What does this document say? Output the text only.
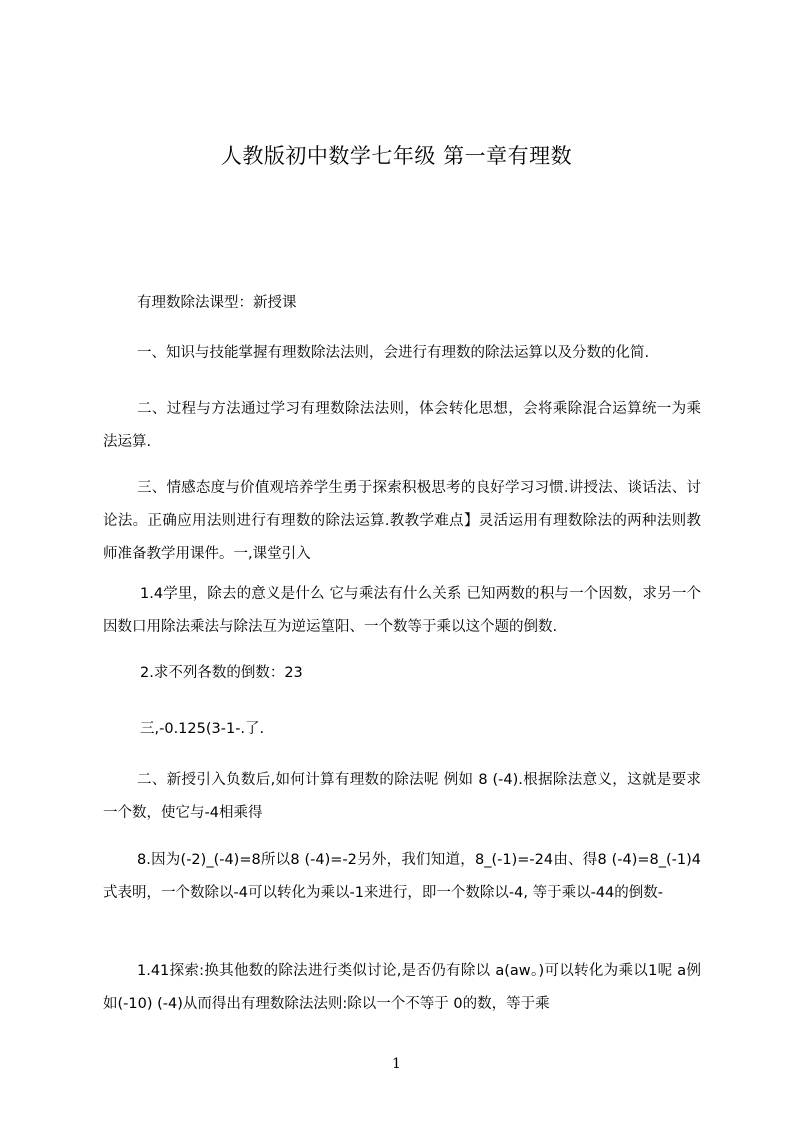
人教版初中数学七年级 第一章有理数

有理数除法课型：新授课

一、知识与技能掌握有理数除法法则，会进行有理数的除法运算以及分数的化简.

二、过程与方法通过学习有理数除法法则，体会转化思想，会将乘除混合运算统一为乘法运算.

三、情感态度与价值观培养学生勇于探索积极思考的良好学习习惯.讲授法、谈话法、讨论法。正确应用法则进行有理数的除法运算.教教学难点】灵活运用有理数除法的两种法则教师准备教学用课件。一,课堂引入

1.4学里，除去的意义是什么 它与乘法有什么关系 已知两数的积与一个因数，求另一个因数口用除法乘法与除法互为逆运篁阳、一个数等于乘以这个题的倒数.

2.求不列各数的倒数：23

三,-0.125(3-1-.了.

二、新授引入负数后,如何计算有理数的除法呢 例如 8 (-4).根据除法意义，这就是要求一个数，使它与-4相乘得

8.因为(-2)_(-4)=8所以8 (-4)=-2另外，我们知道，8_(-1)=-24由、得8 (-4)=8_(-1)4式表明，一个数除以-4可以转化为乘以-1来进行，即一个数除以-4, 等于乘以-44的倒数-

1.41探索:换其他数的除法进行类似讨论,是否仍有除以 a(aw。)可以转化为乘以1呢 a例如(-10) (-4)从而得出有理数除法法则:除以一个不等于 0的数，等于乘

1
